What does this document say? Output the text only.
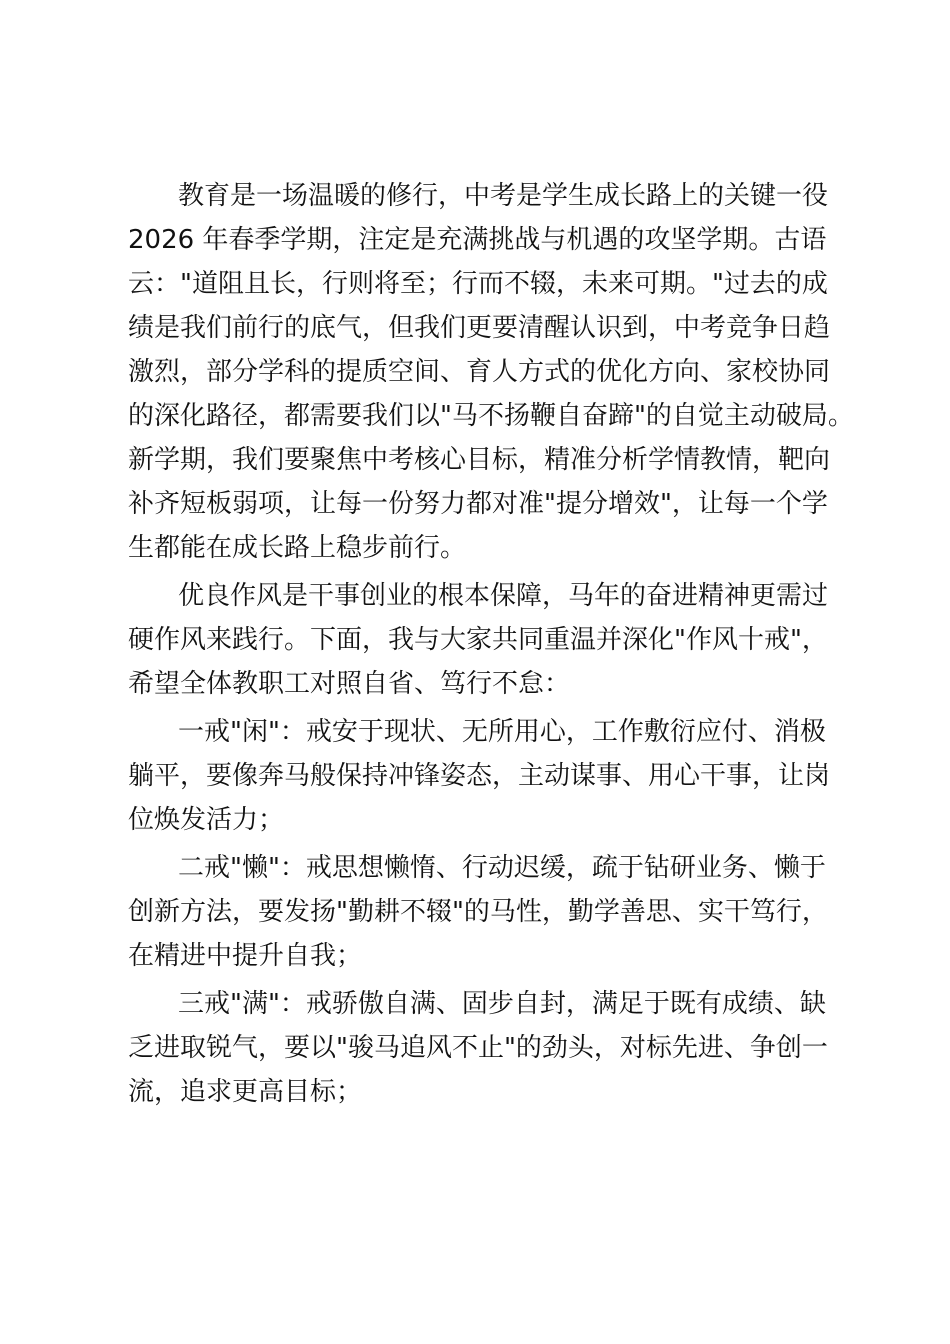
教育是一场温暖的修行，中考是学生成长路上的关键一役
2026 年春季学期，注定是充满挑战与机遇的攻坚学期。古语
云："道阻且长，行则将至；行而不辍，未来可期。"过去的成
绩是我们前行的底气，但我们更要清醒认识到，中考竞争日趋
激烈，部分学科的提质空间、育人方式的优化方向、家校协同
的深化路径，都需要我们以"马不扬鞭自奋蹄"的自觉主动破局。
新学期，我们要聚焦中考核心目标，精准分析学情教情，靶向
补齐短板弱项，让每一份努力都对准"提分增效"，让每一个学
生都能在成长路上稳步前行。
优良作风是干事创业的根本保障，马年的奋进精神更需过
硬作风来践行。下面，我与大家共同重温并深化"作风十戒"，
希望全体教职工对照自省、笃行不怠：
一戒"闲"：戒安于现状、无所用心，工作敷衍应付、消极
躺平，要像奔马般保持冲锋姿态，主动谋事、用心干事，让岗
位焕发活力；
二戒"懒"：戒思想懒惰、行动迟缓，疏于钻研业务、懒于
创新方法，要发扬"勤耕不辍"的马性，勤学善思、实干笃行，
在精进中提升自我；
三戒"满"：戒骄傲自满、固步自封，满足于既有成绩、缺
乏进取锐气，要以"骏马追风不止"的劲头，对标先进、争创一
流，追求更高目标；
